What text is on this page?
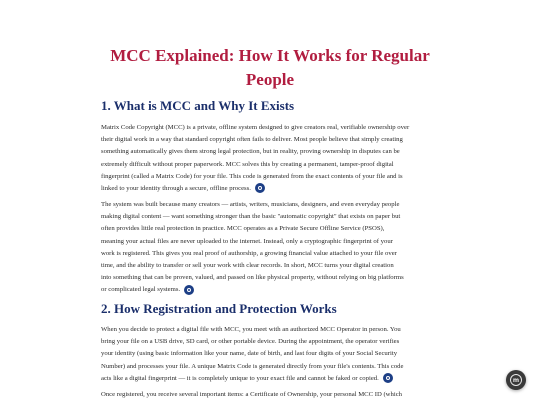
MCC Explained: How It Works for Regular
People
1. What is MCC and Why It Exists

Matrix Code Copyright (MCC) is a private, offline system designed to give creators real, verifiable ownership over
their digital work in a way that standard copyright often fails to deliver. Most people believe that simply creating
something automatically gives them strong legal protection, but in reality, proving ownership in disputes can be
extremely difficult without proper paperwork. MCC solves this by creating a permanent, tamper-proof digital
fingerprint (called a Matrix Code) for your file. This code is generated from the exact contents of your file and is
linked to your identity through a secure, offline process.

The system was built because many creators — artists, writers, musicians, designers, and even everyday people
making digital content — want something stronger than the basic "automatic copyright" that exists on paper but
often provides little real protection in practice. MCC operates as a Private Secure Offline Service (PSOS),
meaning your actual files are never uploaded to the internet. Instead, only a cryptographic fingerprint of your
work is registered. This gives you real proof of authorship, a growing financial value attached to your file over
time, and the ability to transfer or sell your work with clear records. In short, MCC turns your digital creation
into something that can be proven, valued, and passed on like physical property, without relying on big platforms
or complicated legal systems.

2. How Registration and Protection Works

When you decide to protect a digital file with MCC, you meet with an authorized MCC Operator in person. You
bring your file on a USB drive, SD card, or other portable device. During the appointment, the operator verifies
your identity (using basic information like your name, date of birth, and last four digits of your Social Security
Number) and processes your file. A unique Matrix Code is generated directly from your file's contents. This code
acts like a digital fingerprint — it is completely unique to your exact file and cannot be faked or copied.

Once registered, you receive several important items: a Certificate of Ownership, your personal MCC ID (which

m
